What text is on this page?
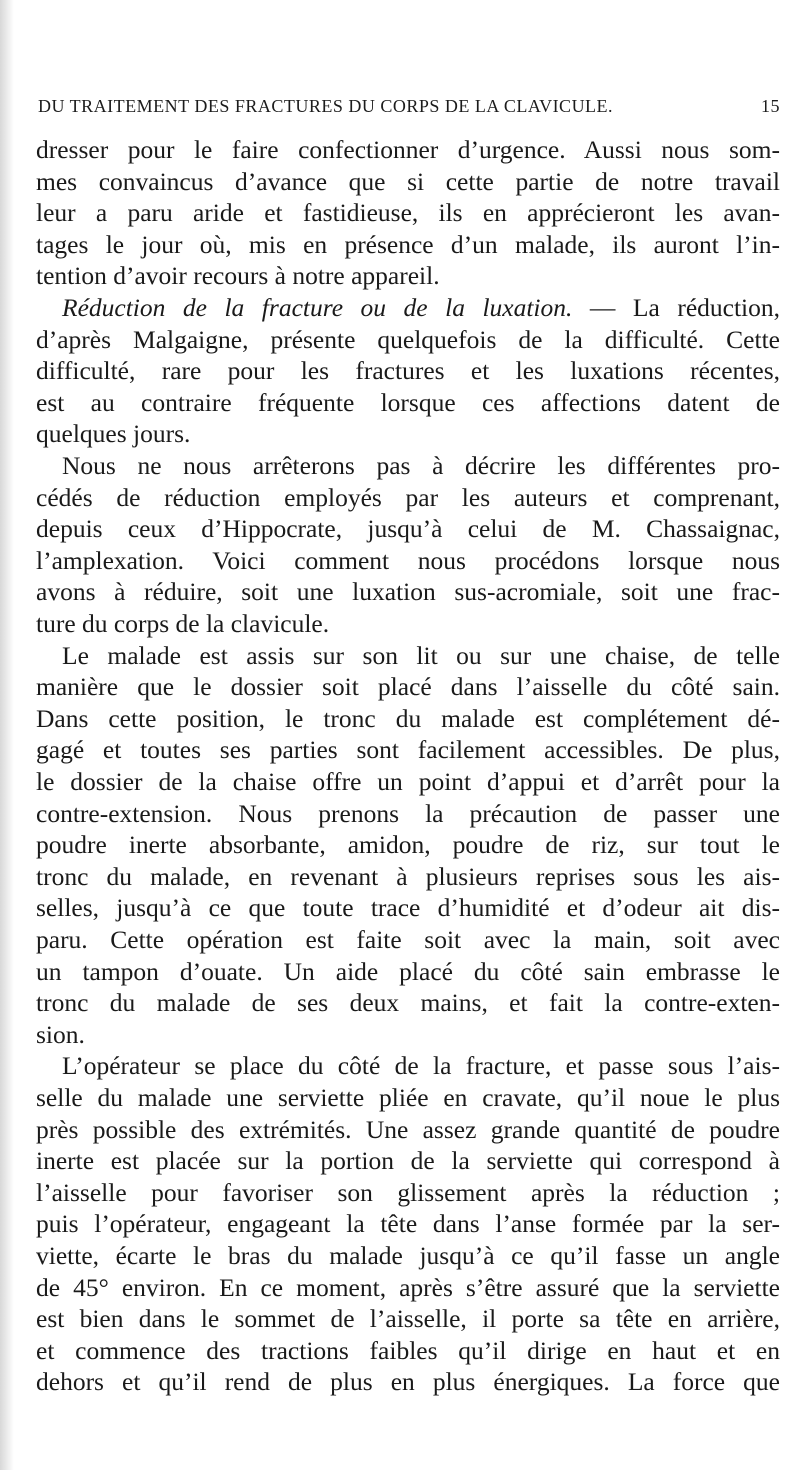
DU TRAITEMENT DES FRACTURES DU CORPS DE LA CLAVICULE.	15
dresser pour le faire confectionner d’urgence. Aussi nous som-
mes convaincus d’avance que si cette partie de notre travail
leur a paru aride et fastidieuse, ils en apprécieront les avan-
tages le jour où, mis en présence d’un malade, ils auront l’in-
tention d’avoir recours à notre appareil.
Réduction de la fracture ou de la luxation. — La réduction,
d’après Malgaigne, présente quelquefois de la difficulté. Cette
difficulté, rare pour les fractures et les luxations récentes,
est au contraire fréquente lorsque ces affections datent de
quelques jours.
Nous ne nous arrêterons pas à décrire les différentes pro-
cédés de réduction employés par les auteurs et comprenant,
depuis ceux d’Hippocrate, jusqu’à celui de M. Chassaignac,
l’amplexation. Voici comment nous procédons lorsque nous
avons à réduire, soit une luxation sus-acromiale, soit une frac-
ture du corps de la clavicule.
Le malade est assis sur son lit ou sur une chaise, de telle
manière que le dossier soit placé dans l’aisselle du côté sain.
Dans cette position, le tronc du malade est complétement dé-
gagé et toutes ses parties sont facilement accessibles. De plus,
le dossier de la chaise offre un point d’appui et d’arrêt pour la
contre-extension. Nous prenons la précaution de passer une
poudre inerte absorbante, amidon, poudre de riz, sur tout le
tronc du malade, en revenant à plusieurs reprises sous les ais-
selles, jusqu’à ce que toute trace d’humidité et d’odeur ait dis-
paru. Cette opération est faite soit avec la main, soit avec
un tampon d’ouate. Un aide placé du côté sain embrasse le
tronc du malade de ses deux mains, et fait la contre-exten-
sion.
L’opérateur se place du côté de la fracture, et passe sous l’ais-
selle du malade une serviette pliée en cravate, qu’il noue le plus
près possible des extrémités. Une assez grande quantité de poudre
inerte est placée sur la portion de la serviette qui correspond à
l’aisselle pour favoriser son glissement après la réduction ;
puis l’opérateur, engageant la tête dans l’anse formée par la ser-
viette, écarte le bras du malade jusqu’à ce qu’il fasse un angle
de 45° environ. En ce moment, après s’être assuré que la serviette
est bien dans le sommet de l’aisselle, il porte sa tête en arrière,
et commence des tractions faibles qu’il dirige en haut et en
dehors et qu’il rend de plus en plus énergiques. La force que
